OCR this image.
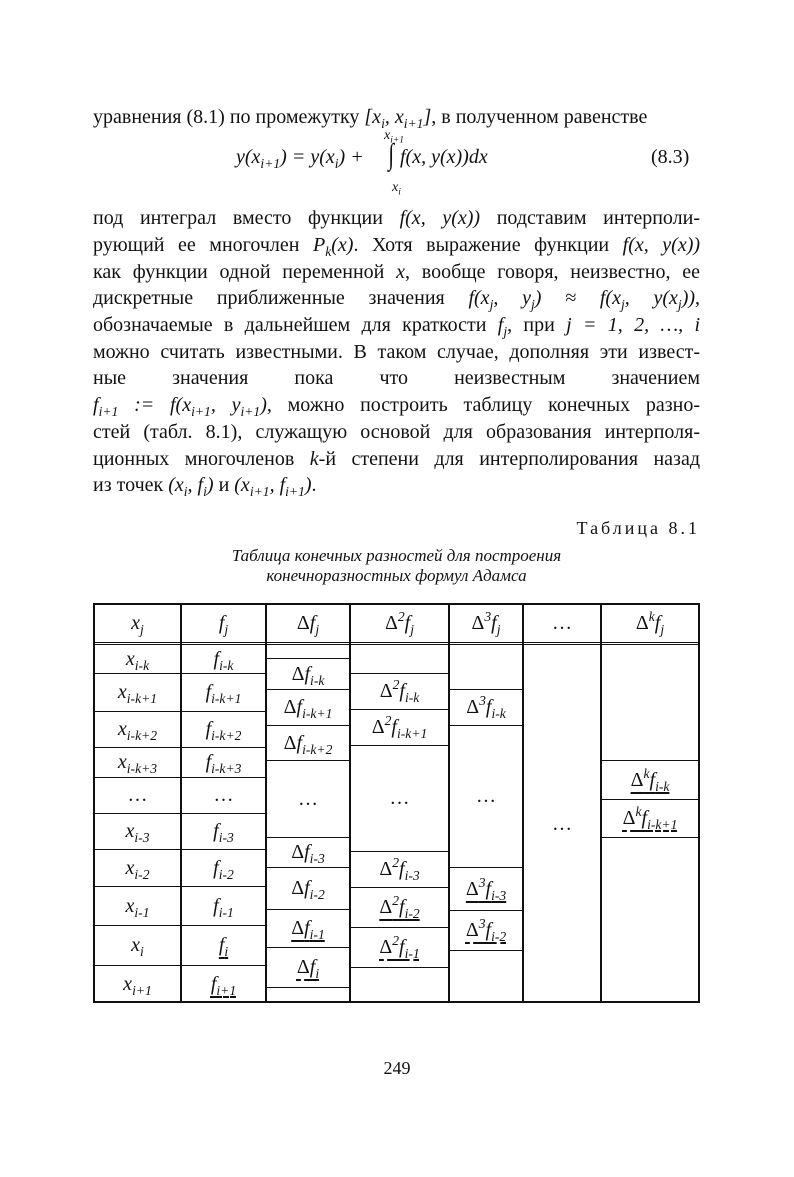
уравнения (8.1) по промежутку [$x_i$, $x_{i+1}$], в полученном равенстве
$y(x_{i+1}) = y(x_i)$ +
$x_{i+1}$
∫
$x_i$
f(x, y(x))dx	(8.3)
под интеграл вместо функции f(x, y(x)) подставим интерполи-
рующий ее многочлен $P_k(x)$. Хотя выражение функции f(x, y(x))
как функции одной переменной x, вообще говоря, неизвестно, ее
дискретные приближенные значения $f(x_j$, $y_j) \approx f(x_j$, $y(x_j)$),
обозначаемые в дальнейшем для краткости $f_j$, при j = 1, 2, …, i
можно считать известными. В таком случае, дополняя эти извест-
ные значения пока что неизвестным значением
$f_{i+1}$ := $f(x_{i+1}$, $y_{i+1}$), можно построить таблицу конечных разно-
стей (табл. 8.1), служащую основой для образования интерполя-
ционных многочленов k-й степени для интерполирования назад
из точек ($x_i$, $f_i$) и ($x_{i+1}$, $f_{i+1}$).
Таблица 8.1
Таблица конечных разностей для построения
конечноразностных формул Адамса
$x_j$
$x_{i-k}$
$x_{i-k+1}$
$x_{i-k+2}$
$x_{i-k+3}$
…
$x_{i-3}$
$x_{i-2}$
$x_{i-1}$
$x_i$
$x_{i+1}$
$f_j$
$f_{i-k}$
$f_{i-k+1}$
$f_{i-k+2}$
$f_{i-k+3}$
…
$f_{i-3}$
$f_{i-2}$
$f_{i-1}$
$f_i$
$f_{i+1}$
$\Delta f_j$
$\Delta f_{i-k}$
$\Delta f_{i-k+1}$
$\Delta f_{i-k+2}$
…
$\Delta f_{i-3}$
$\Delta f_{i-2}$
$\Delta f_{i-1}$
$\Delta f_i$
$\Delta^2f_j$
$\Delta^2f_{i-k}$
$\Delta^2f_{i-k+1}$
…
$\Delta^2f_{i-3}$
$\Delta^2f_{i-2}$
$\Delta^2f_{i-1}$
$\Delta^3f_j$
$\Delta^3f_{i-k}$
…
$\Delta^3f_{i-3}$
$\Delta^3f_{i-2}$
…
…
$\Delta^kf_j$
$\Delta^kf_{i-k}$
$\Delta^kf_{i-k+1}$
249
